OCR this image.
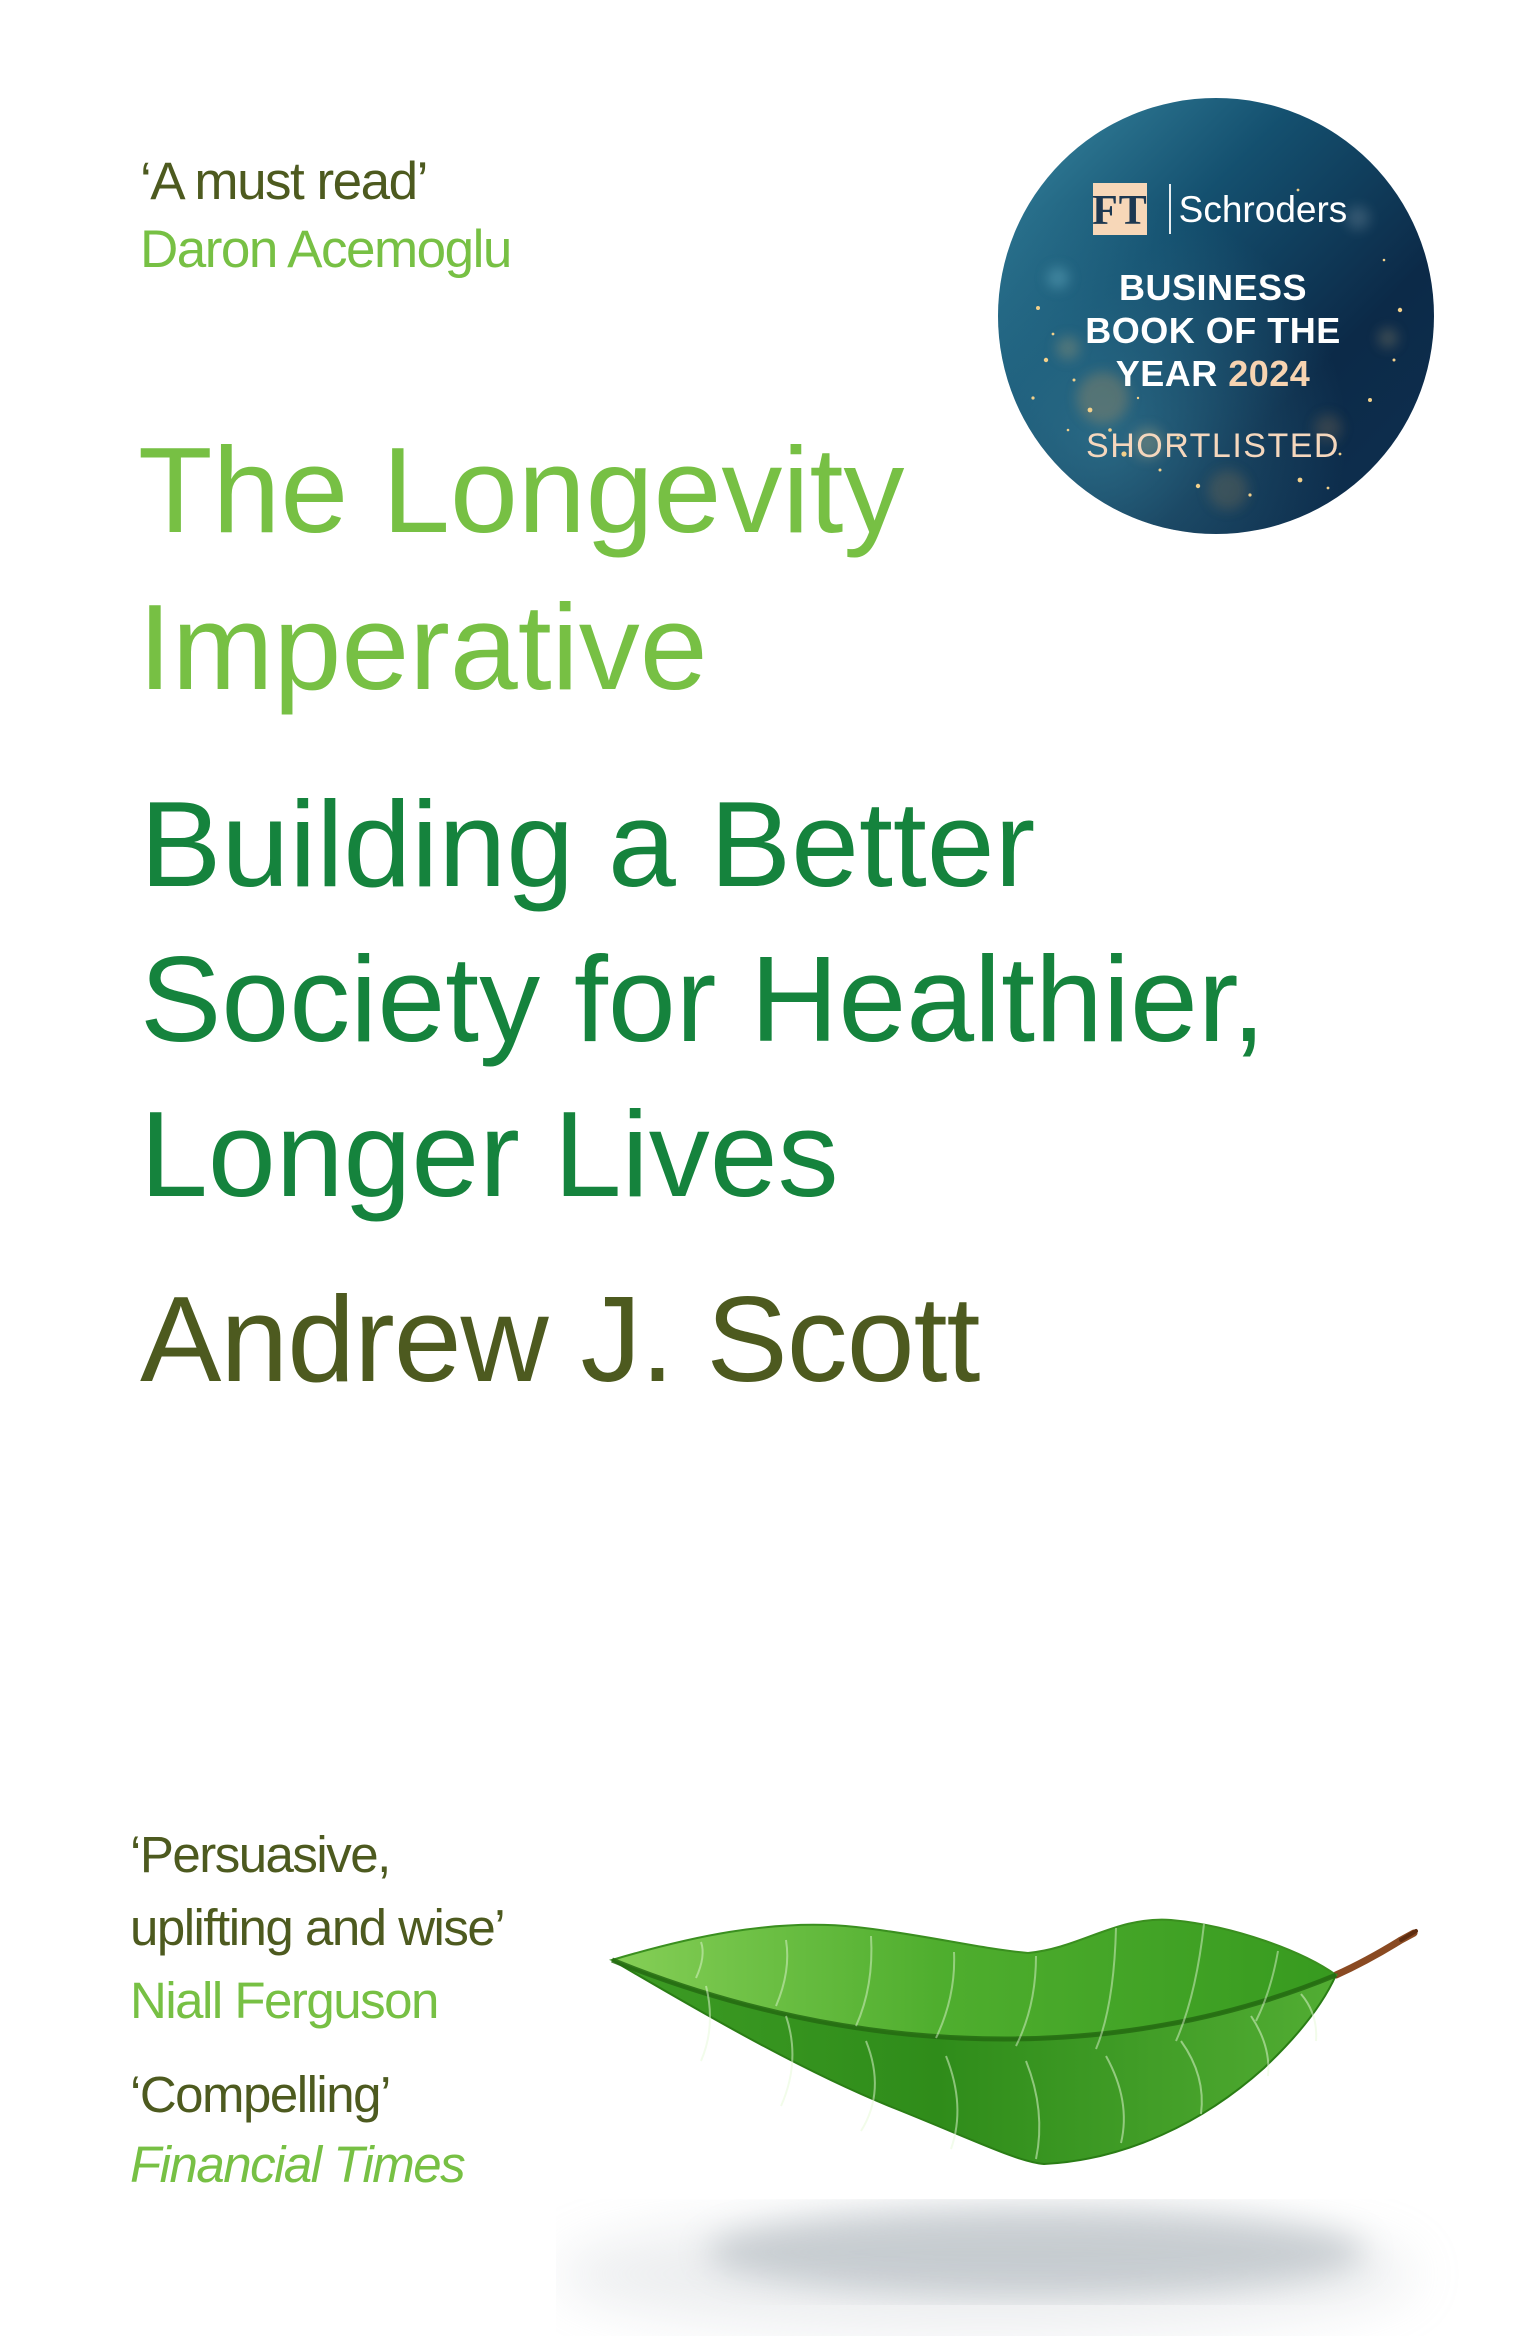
‘A must read’
Daron Acemoglu
FT Schroders
BUSINESS
BOOK OF THE
YEAR 2024
SHORTLISTED
The Longevity
Imperative
Building a Better
Society for Healthier,
Longer Lives
Andrew J. Scott
‘Persuasive,
uplifting and wise’
Niall Ferguson
‘Compelling’
Financial Times
